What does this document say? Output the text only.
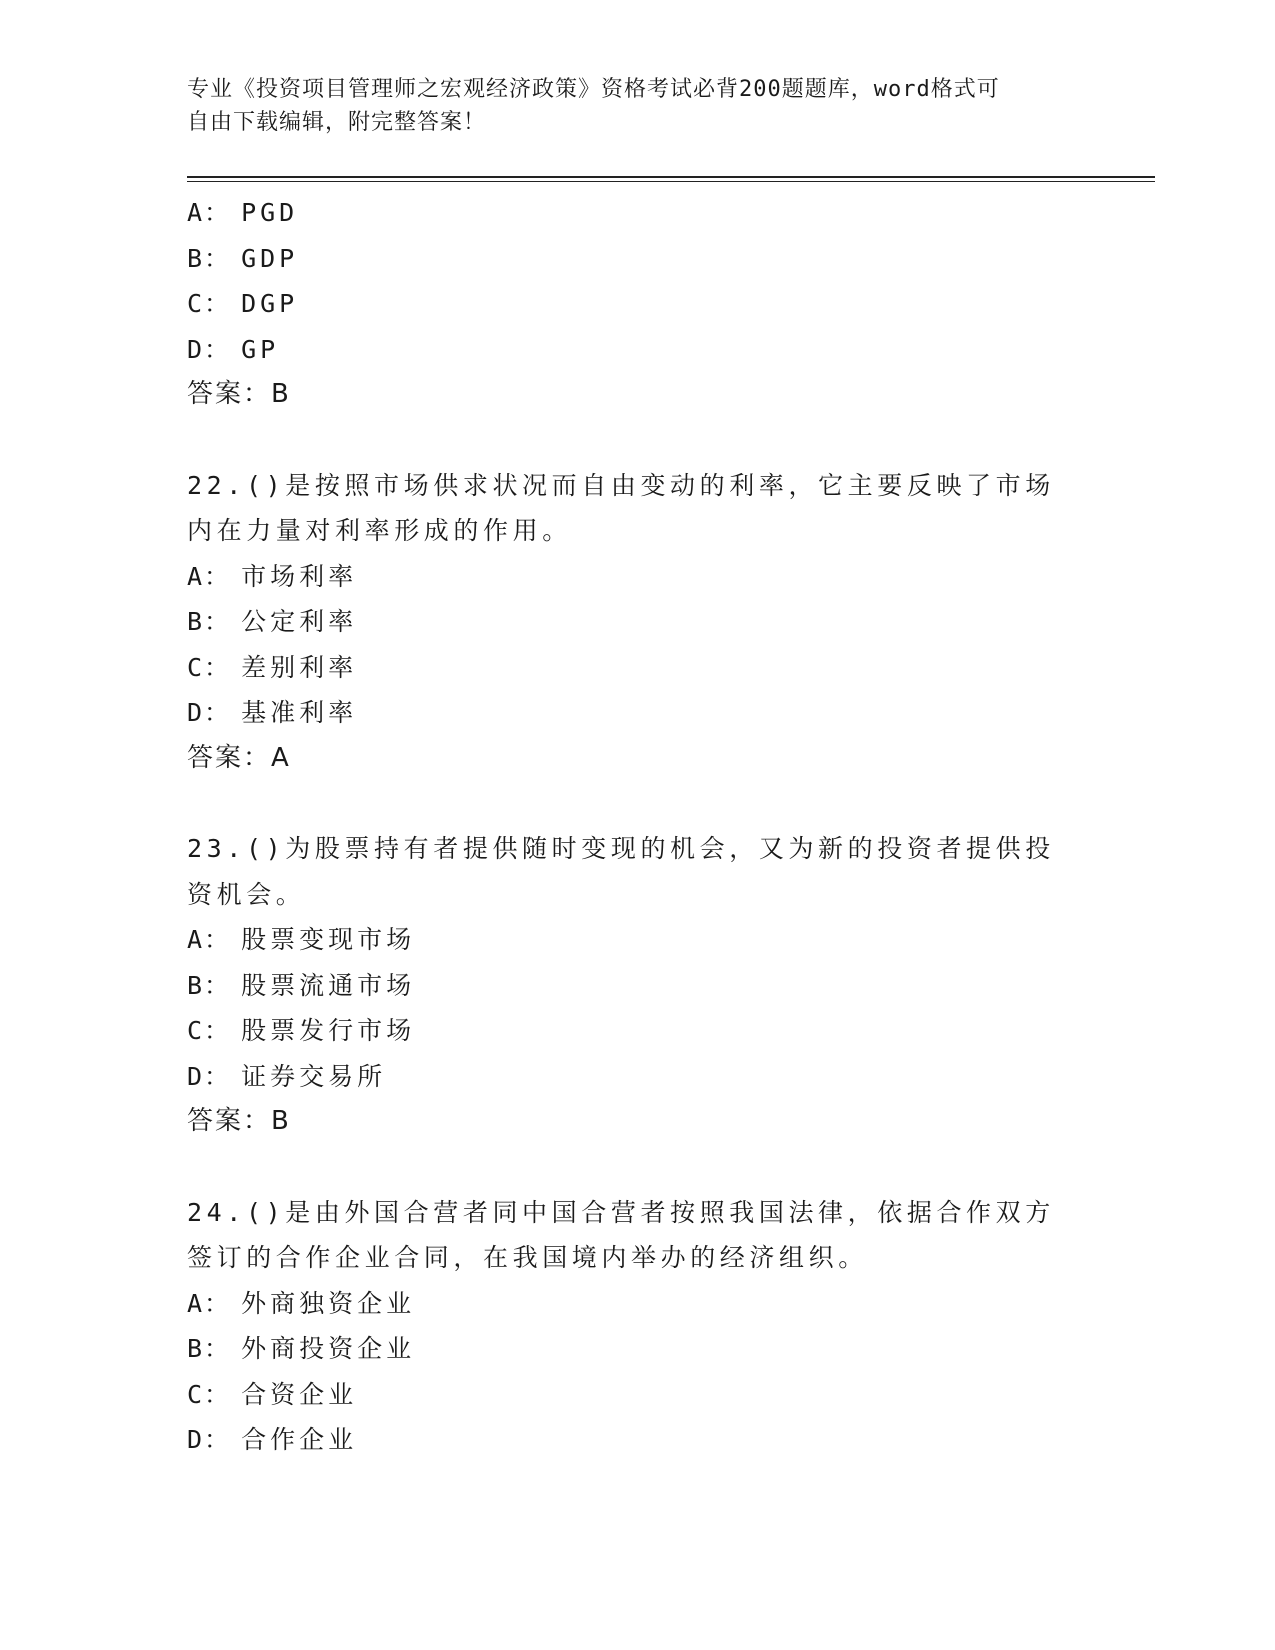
专业《投资项目管理师之宏观经济政策》资格考试必背200题题库，word格式可
自由下载编辑，附完整答案！
A： PGD
B： GDP
C： DGP
D： GP
答案：B
22.()是按照市场供求状况而自由变动的利率，它主要反映了市场内在力量对利率形成的作用。
A： 市场利率
B： 公定利率
C： 差别利率
D： 基准利率
答案：A
23.()为股票持有者提供随时变现的机会，又为新的投资者提供投资机会。
A： 股票变现市场
B： 股票流通市场
C： 股票发行市场
D： 证券交易所
答案：B
24.()是由外国合营者同中国合营者按照我国法律，依据合作双方签订的合作企业合同，在我国境内举办的经济组织。
A： 外商独资企业
B： 外商投资企业
C： 合资企业
D： 合作企业
